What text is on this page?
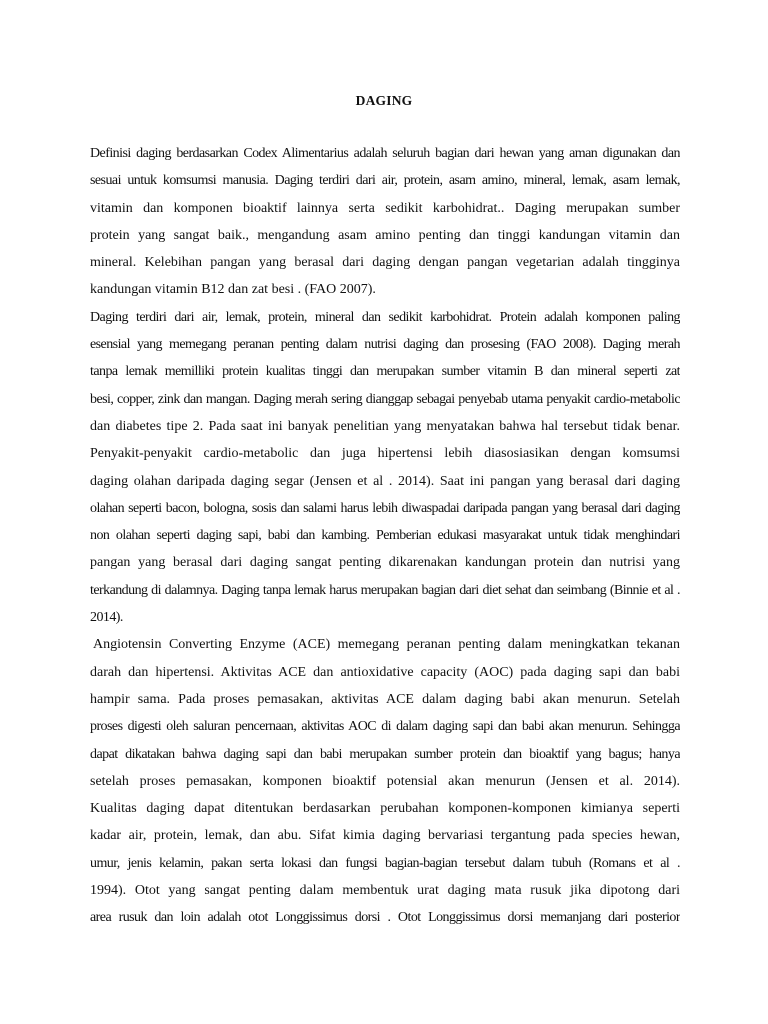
DAGING
Definisi daging berdasarkan Codex Alimentarius adalah seluruh bagian dari hewan yang aman digunakan dan
sesuai untuk komsumsi manusia. Daging terdiri dari air, protein, asam amino, mineral, lemak, asam lemak,
vitamin dan komponen bioaktif lainnya serta sedikit karbohidrat.. Daging merupakan sumber
protein yang sangat baik., mengandung asam amino penting dan tinggi kandungan vitamin dan
mineral. Kelebihan pangan yang berasal dari daging dengan pangan vegetarian adalah tingginya
kandungan vitamin B12 dan zat besi . (FAO 2007).
Daging terdiri dari air, lemak, protein, mineral dan sedikit karbohidrat. Protein adalah komponen paling
esensial yang memegang peranan penting dalam nutrisi daging dan prosesing (FAO 2008). Daging merah
tanpa lemak memilliki protein kualitas tinggi dan merupakan sumber vitamin B dan mineral seperti zat
besi, copper, zink dan mangan. Daging merah sering dianggap sebagai penyebab utama penyakit cardio-metabolic
dan diabetes tipe 2. Pada saat ini banyak penelitian yang menyatakan bahwa hal tersebut tidak benar.
Penyakit-penyakit cardio-metabolic dan juga hipertensi lebih diasosiasikan dengan komsumsi
daging olahan daripada daging segar (Jensen et al . 2014). Saat ini pangan yang berasal dari daging
olahan seperti bacon, bologna, sosis dan salami harus lebih diwaspadai daripada pangan yang berasal dari daging
non olahan seperti daging sapi, babi dan kambing. Pemberian edukasi masyarakat untuk tidak menghindari
pangan yang berasal dari daging sangat penting dikarenakan kandungan protein dan nutrisi yang
terkandung di dalamnya. Daging tanpa lemak harus merupakan bagian dari diet sehat dan seimbang (Binnie et al .
2014).
Angiotensin Converting Enzyme (ACE) memegang peranan penting dalam meningkatkan tekanan
darah dan hipertensi. Aktivitas ACE dan antioxidative capacity (AOC) pada daging sapi dan babi
hampir sama. Pada proses pemasakan, aktivitas ACE dalam daging babi akan menurun. Setelah
proses digesti oleh saluran pencernaan, aktivitas AOC di dalam daging sapi dan babi akan menurun. Sehingga
dapat dikatakan bahwa daging sapi dan babi merupakan sumber protein dan bioaktif yang bagus; hanya
setelah proses pemasakan, komponen bioaktif potensial akan menurun (Jensen et al. 2014).
Kualitas daging dapat ditentukan berdasarkan perubahan komponen-komponen kimianya seperti
kadar air, protein, lemak, dan abu. Sifat kimia daging bervariasi tergantung pada species hewan,
umur, jenis kelamin, pakan serta lokasi dan fungsi bagian-bagian tersebut dalam tubuh (Romans et al .
1994). Otot yang sangat penting dalam membentuk urat daging mata rusuk jika dipotong dari
area rusuk dan loin adalah otot Longgissimus dorsi . Otot Longgissimus dorsi memanjang dari posterior
